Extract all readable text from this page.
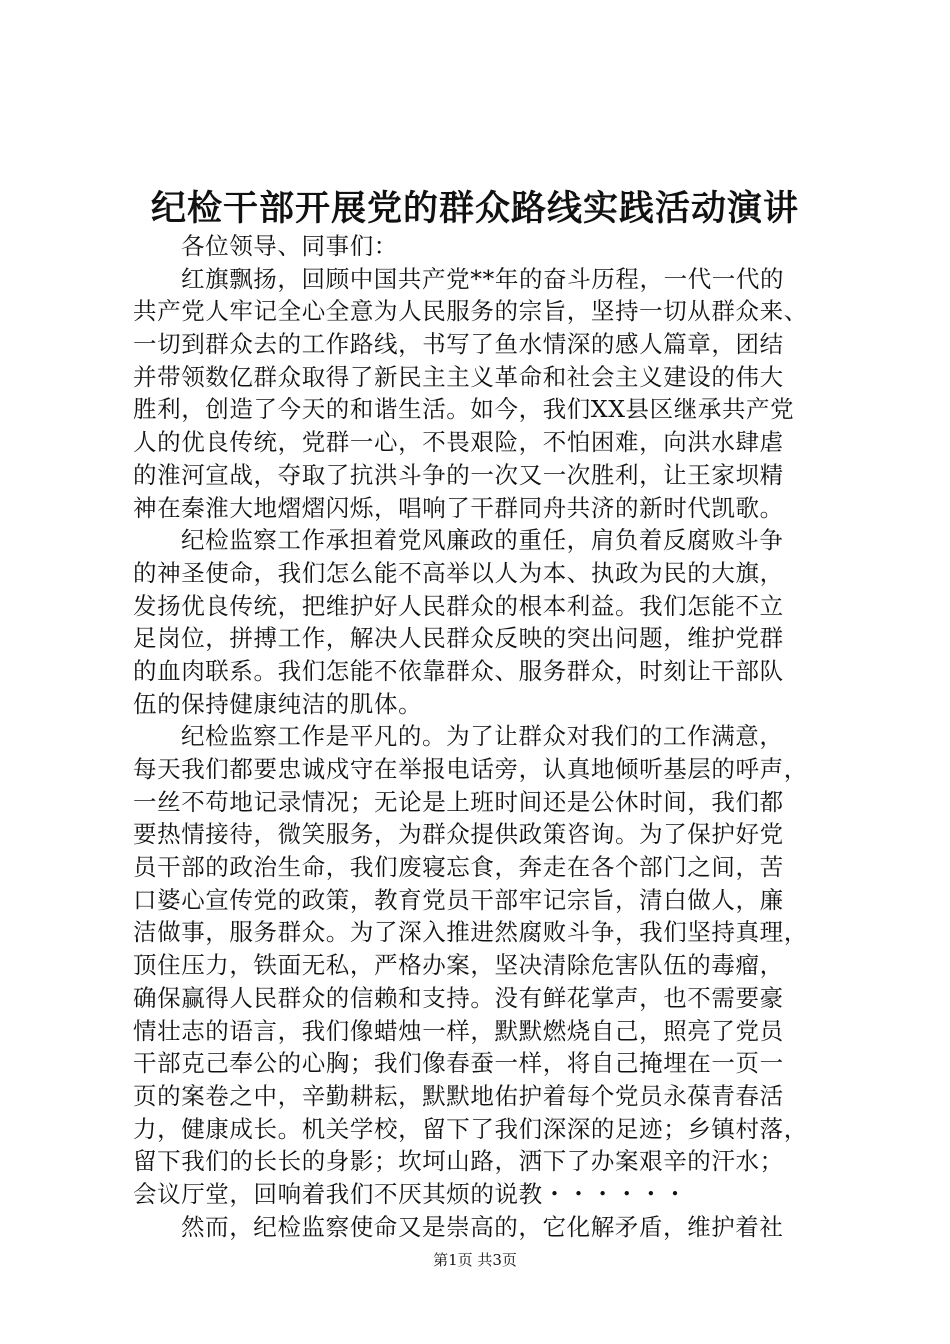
纪检干部开展党的群众路线实践活动演讲
各位领导、同事们：
红旗飘扬，回顾中国共产党**年的奋斗历程，一代一代的
共产党人牢记全心全意为人民服务的宗旨，坚持一切从群众来、
一切到群众去的工作路线，书写了鱼水情深的感人篇章，团结
并带领数亿群众取得了新民主主义革命和社会主义建设的伟大
胜利，创造了今天的和谐生活。如今，我们XX县区继承共产党
人的优良传统，党群一心，不畏艰险，不怕困难，向洪水肆虐
的淮河宣战，夺取了抗洪斗争的一次又一次胜利，让王家坝精
神在秦淮大地熠熠闪烁，唱响了干群同舟共济的新时代凯歌。
纪检监察工作承担着党风廉政的重任，肩负着反腐败斗争
的神圣使命，我们怎么能不高举以人为本、执政为民的大旗，
发扬优良传统，把维护好人民群众的根本利益。我们怎能不立
足岗位，拼搏工作，解决人民群众反映的突出问题，维护党群
的血肉联系。我们怎能不依靠群众、服务群众，时刻让干部队
伍的保持健康纯洁的肌体。
纪检监察工作是平凡的。为了让群众对我们的工作满意，
每天我们都要忠诚戍守在举报电话旁，认真地倾听基层的呼声，
一丝不苟地记录情况；无论是上班时间还是公休时间，我们都
要热情接待，微笑服务，为群众提供政策咨询。为了保护好党
员干部的政治生命，我们废寝忘食，奔走在各个部门之间，苦
口婆心宣传党的政策，教育党员干部牢记宗旨，清白做人，廉
洁做事，服务群众。为了深入推进然腐败斗争，我们坚持真理，
顶住压力，铁面无私，严格办案，坚决清除危害队伍的毒瘤，
确保赢得人民群众的信赖和支持。没有鲜花掌声，也不需要豪
情壮志的语言，我们像蜡烛一样，默默燃烧自己，照亮了党员
干部克己奉公的心胸；我们像春蚕一样，将自己掩埋在一页一
页的案卷之中，辛勤耕耘，默默地佑护着每个党员永葆青春活
力，健康成长。机关学校，留下了我们深深的足迹；乡镇村落，
留下我们的长长的身影；坎坷山路，洒下了办案艰辛的汗水；
会议厅堂，回响着我们不厌其烦的说教・・・・・・
然而，纪检监察使命又是崇高的，它化解矛盾，维护着社
第1页 共3页
